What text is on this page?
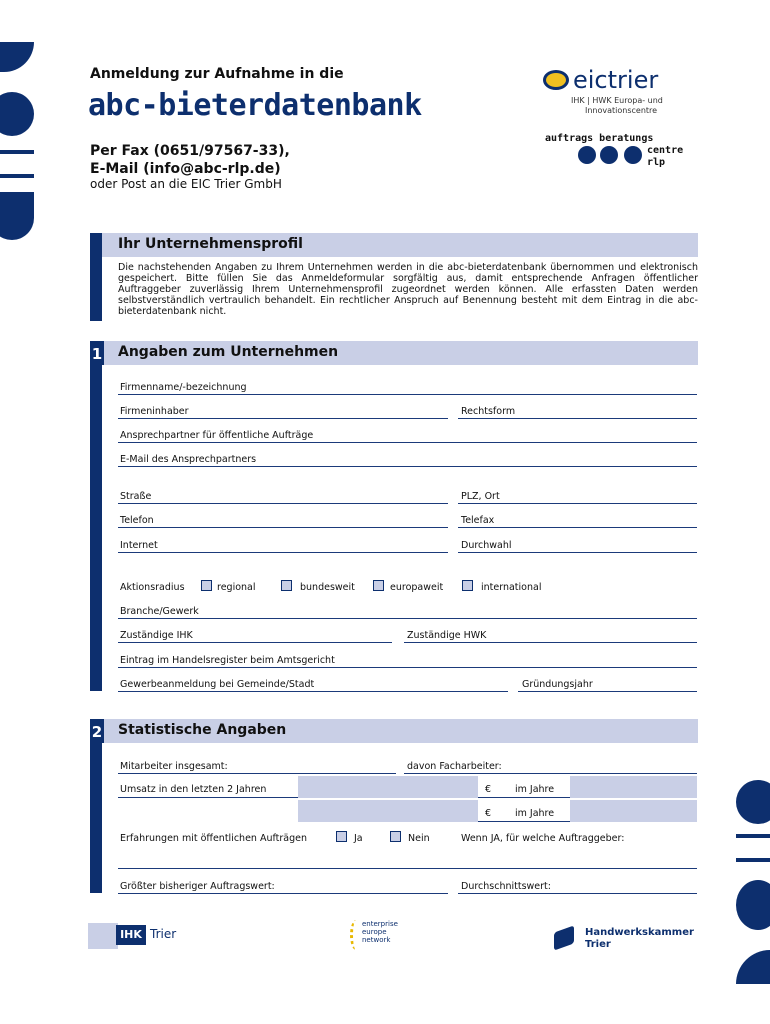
Anmeldung zur Aufnahme in die
abc-bieterdatenbank
Per Fax (0651/97567-33),
E-Mail (info@abc-rlp.de)
oder Post an die EIC Trier GmbH
eictrier
IHK | HWK Europa- und
Innovationscentre
auftrags beratungs
centre
rlp
Ihr Unternehmensprofil
Die nachstehenden Angaben zu Ihrem Unternehmen werden in die abc-bieterdatenbank übernommen und elektronisch gespeichert. Bitte füllen Sie das Anmeldeformular sorgfältig aus, damit entsprechende Anfragen öffentlicher Auftraggeber zuverlässig Ihrem Unternehmensprofil zugeordnet werden können. Alle erfassten Daten werden selbstverständlich vertraulich behandelt. Ein rechtlicher Anspruch auf Benennung besteht mit dem Eintrag in die abc-bieterdatenbank nicht.
1 Angaben zum Unternehmen
Firmenname/-bezeichnung
Firmeninhaber	Rechtsform
Ansprechpartner für öffentliche Aufträge
E-Mail des Ansprechpartners
Straße	PLZ, Ort
Telefon	Telefax
Internet	Durchwahl
Aktionsradius	regional	bundesweit	europaweit	international
Branche/Gewerk
Zuständige IHK	Zuständige HWK
Eintrag im Handelsregister beim Amtsgericht
Gewerbeanmeldung bei Gemeinde/Stadt	Gründungsjahr
2 Statistische Angaben
Mitarbeiter insgesamt:	davon Facharbeiter:
Umsatz in den letzten 2 Jahren	€	im Jahre
€	im Jahre
Erfahrungen mit öffentlichen Aufträgen	Ja	Nein	Wenn JA, für welche Auftraggeber:
Größter bisheriger Auftragswert:	Durchschnittswert:
IHK Trier
enterprise
europe
network
Handwerkskammer
Trier
